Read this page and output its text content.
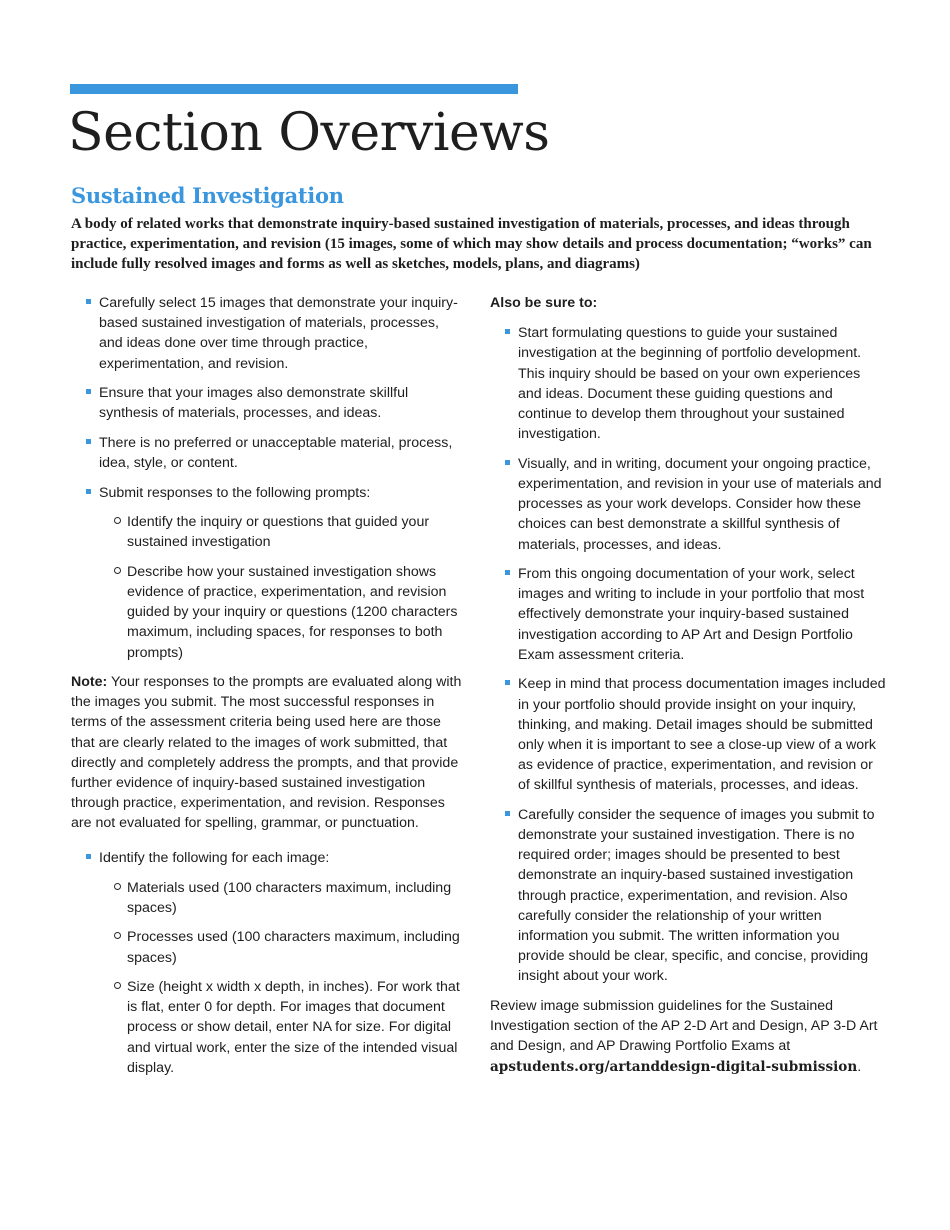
Section Overviews
Sustained Investigation

A body of related works that demonstrate inquiry-based sustained investigation of materials, processes, and ideas through practice, experimentation, and revision (15 images, some of which may show details and process documentation; “works” can include fully resolved images and forms as well as sketches, models, plans, and diagrams)

Carefully select 15 images that demonstrate your inquiry-based sustained investigation of materials, processes, and ideas done over time through practice, experimentation, and revision.
Ensure that your images also demonstrate skillful synthesis of materials, processes, and ideas.
There is no preferred or unacceptable material, process, idea, style, or content.
Submit responses to the following prompts:
Identify the inquiry or questions that guided your sustained investigation
Describe how your sustained investigation shows evidence of practice, experimentation, and revision guided by your inquiry or questions (1200 characters maximum, including spaces, for responses to both prompts)

Note: Your responses to the prompts are evaluated along with the images you submit. The most successful responses in terms of the assessment criteria being used here are those that are clearly related to the images of work submitted, that directly and completely address the prompts, and that provide further evidence of inquiry-based sustained investigation through practice, experimentation, and revision. Responses are not evaluated for spelling, grammar, or punctuation.

Identify the following for each image:
Materials used (100 characters maximum, including spaces)
Processes used (100 characters maximum, including spaces)
Size (height x width x depth, in inches). For work that is flat, enter 0 for depth. For images that document process or show detail, enter NA for size. For digital and virtual work, enter the size of the intended visual display.

Also be sure to:

Start formulating questions to guide your sustained investigation at the beginning of portfolio development. This inquiry should be based on your own experiences and ideas. Document these guiding questions and continue to develop them throughout your sustained investigation.
Visually, and in writing, document your ongoing practice, experimentation, and revision in your use of materials and processes as your work develops. Consider how these choices can best demonstrate a skillful synthesis of materials, processes, and ideas.
From this ongoing documentation of your work, select images and writing to include in your portfolio that most effectively demonstrate your inquiry-based sustained investigation according to AP Art and Design Portfolio Exam assessment criteria.
Keep in mind that process documentation images included in your portfolio should provide insight on your inquiry, thinking, and making. Detail images should be submitted only when it is important to see a close-up view of a work as evidence of practice, experimentation, and revision or of skillful synthesis of materials, processes, and ideas.
Carefully consider the sequence of images you submit to demonstrate your sustained investigation. There is no required order; images should be presented to best demonstrate an inquiry-based sustained investigation through practice, experimentation, and revision. Also carefully consider the relationship of your written information you submit. The written information you provide should be clear, specific, and concise, providing insight about your work.

Review image submission guidelines for the Sustained Investigation section of the AP 2-D Art and Design, AP 3-D Art and Design, and AP Drawing Portfolio Exams at apstudents.org/artanddesign-digital-submission.
